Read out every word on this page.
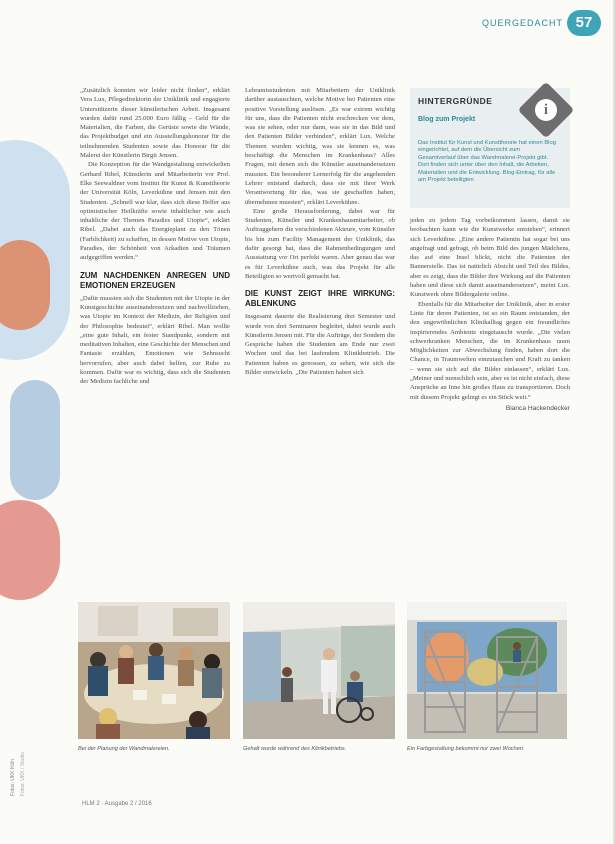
QUERGEDACHT 57

„Zusätzlich konnten wir leider nicht finden“, erklärt Vera Lux, Pflegedirektorin der Uniklinik und engagierte Unterstützerin dieser künstlerischen Arbeit. Insgesamt wurden dafür rund 25.000 Euro fällig – Geld für die Materialien, die Farben, die Gerüste sowie die Wände, das Projektbudget und ein Ausstellungshonorar für die teilnehmenden Studenten sowie das Honorar für die Malerei der Künstlerin Birgit Jensen.

Die Konzeption für die Wandgestaltung entwickelten Gerhard Ribel, Künstlerin und Mitarbeiterin vor Prof. Elke Seewaldner vom Institut für Kunst & Kunsttheorie der Universität Köln, Leverkühne und Jensen mit den Studenten. „Schnell war klar, dass sich diese Helfer aus optimistischer Heilkräfte sowie inhaltlicher wie auch inhaltliche der Themen Paradies und Utopie“, erklärt Ribel. „Dabei auch das Energieplant zu den Tönen (Farblichkeit) zu schaffen, in dessen Motive von Utopie, Paradies, der Schönheit von Arkadien und Träumen aufgegriffen werden.“

ZUM NACHDENKEN ANREGEN UND EMOTIONEN ERZEUGEN

„Dafür mussten sich die Studenten mit der Utopie in der Kunstgeschichte auseinandersetzen und nachvollziehen, was Utopie im Kontext der Medizin, der Religion und der Philosophie bedeutet“, erklärt Ribel. Man wollte „eine gute Inhalt, ein fester Standpunkt, sondern mit meditativen Inhalten, eine Geschichte der Menschen und Fantasie erzählen, Emotionen wie Sehnsucht hervorrufen, aber auch dabei helfen, zur Ruhe zu kommen. Dafür war es wichtig, dass sich die Studenten der Medizin fachliche und

Lehramtsstudenten mit Mitarbeitern der Uniklinik darüber austauschten, welche Motive bei Patienten eine positive Vorstellung auslösen. „Es war extrem wichtig für uns, dass die Patienten nicht erschrecken vor dem, was sie sehen, oder nur dann, was sie in das Bild und den Patienten Bilder verbinden“, erklärt Lux. Welche Themen wurden wichtig, was sie kennen es, was beschäftigt die Menschen im Krankenhaus? Alles Fragen, mit denen sich die Künstler auseinandersetzen mussten. Ein besonderer Lernerfolg für die angehenden Lehrer entstand dadurch, dass sie mit ihrer Werk Verantwortung für das, was sie geschaffen haben, übernehmen mussten“, erklärt Leverkühne.

Eine große Herausforderung, dabei war für Studenten, Künstler und Krankenhausmitarbeiter, ob Auftraggebern die verschiedenen Akteure, vom Künstler bis hin zum Facility Management der Uniklinik, das dafür gesorgt hat, dass die Rahmenbedingungen und Ausstattung vor Ort perfekt waren. Aber genau das war es für Leverkühne auch, was das Projekt für alle Beteiligten so wertvoll gemacht hat.

DIE KUNST ZEIGT IHRE WIRKUNG: ABLENKUNG

Insgesamt dauerte die Realisierung drei Semester und wurde von drei Seminaren begleitet, dabei wurde auch Künstlerin Jensen mit. Für die Aufträge, der Sondern die Gespräche haben die Studenten am Ende nur zwei Wochen und das bei laufendem Klinikbetrieb. Die Patienten haben es genossen, zu sehen, wie sich die Bilder entwickeln. „Die Patienten haben sich

HINTERGRÜNDE
Blog zum Projekt
Das Institut für Kunst und Kunsttheorie hat einen Blog eingerichtet, auf dem die Übersicht zum Gesamtverlauf über das Wandmalerei-Projekt gibt. Dort finden sich unter über den Inhalt, die Arbeiten, Materialien und die Entwicklung. Blog-Eintrag, für alle am Projekt beteiligten
i

jeden zu jedem Tag vorbeikommen lassen, damit sie beobachten kann wie die Kunstwerke entstehen“, erinnert sich Leverkühne. „Eine andere Patientin hat sogar bei uns angefragt und gefragt, ob beim Bild des jungen Mädchens, das auf eine Insel blickt, nicht die Patienten der Bannerstelle. Das ist natürlich Absicht und Teil des Bildes, aber es zeigt, dass die Bilder ihre Wirkung auf die Patienten haben und diese sich damit auseinandersetzen“, meint Lux. Kunstwerk ohne Bildergalerie online.

Ebenfalls für die Mitarbeiter der Uniklinik, aber in erster Linie für deren Patienten, ist so ein Raum entstanden, der den ungewöhnlichen Klinikalltag gegen ein freundliches inspirierendes Ambiente eingetauscht wurde. „Die vielen schwerkranken Menschen, die im Krankenhaus raum Möglichkeiten zur Abwechslung finden, haben dort die Chance, in Traumwelten einzutauchen und Kraft zu tanken – wenn sie sich auf die Bilder einlassen“, erklärt Lux. „Meiner und menschlich sein, aber es ist nicht einfach, diese Ansprüche an Inne hin großes Haus zu transportieren. Doch mit diesem Projekt gelingt es ein Stück weit.“

Bianca Hackendecker
Bei der Planung der Wandmalereien.	Gehalt wurde während des Klinikbetriebs.	Ein Farbgestaltung bekommt nur zwei Wochen.
HLM 2 · Ausgabe 2 / 2016
Fotos: UKK Köln Fotos: UKK / Studio
